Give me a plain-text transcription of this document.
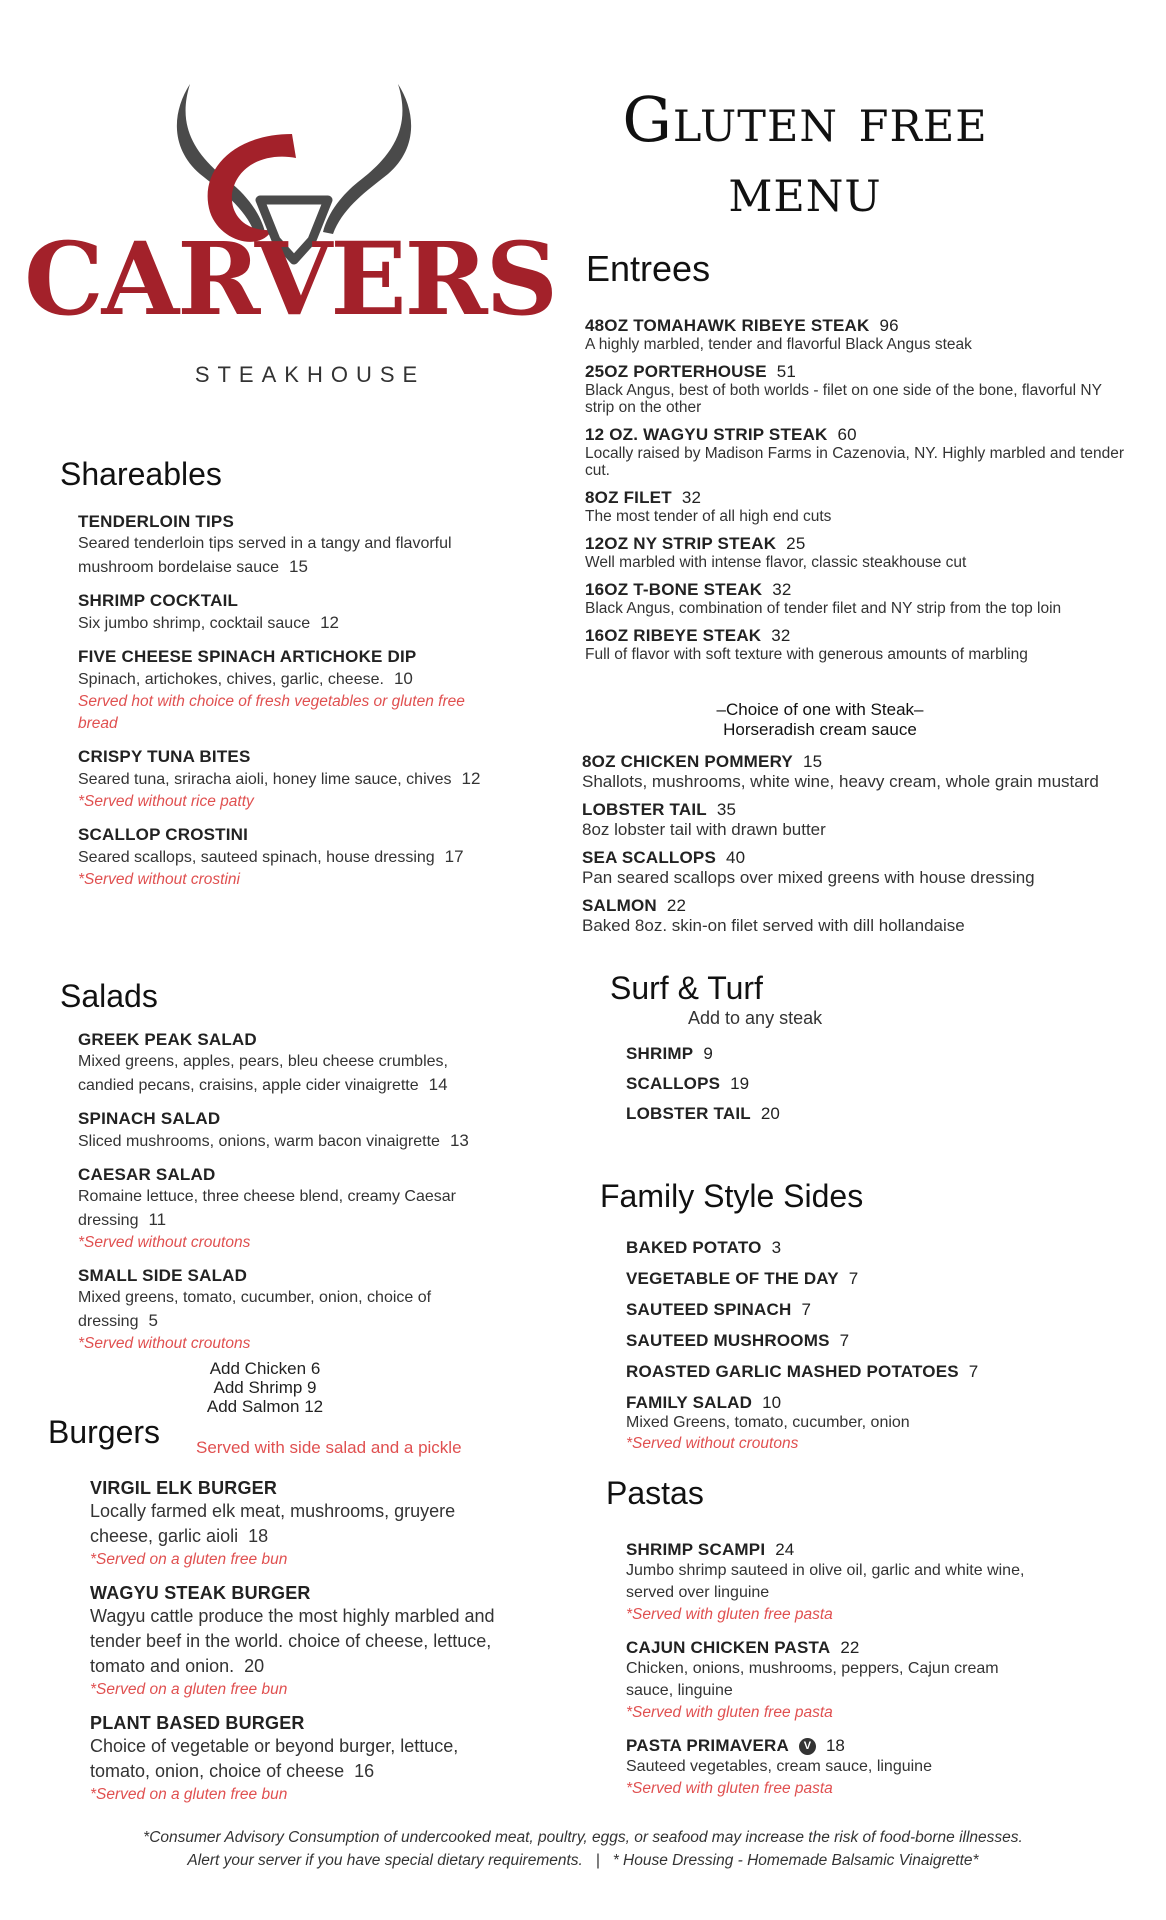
CARVERS
STEAKHOUSE
Gluten free
menu
Shareables
TENDERLOIN TIPS
Seared tenderloin tips served in a tangy and flavorful mushroom bordelaise sauce 15
SHRIMP COCKTAIL
Six jumbo shrimp, cocktail sauce 12
FIVE CHEESE SPINACH ARTICHOKE DIP
Spinach, artichokes, chives, garlic, cheese. 10
Served hot with choice of fresh vegetables or gluten free bread
CRISPY TUNA BITES
Seared tuna, sriracha aioli, honey lime sauce, chives 12
*Served without rice patty
SCALLOP CROSTINI
Seared scallops, sauteed spinach, house dressing 17
*Served without crostini
Salads
GREEK PEAK SALAD
Mixed greens, apples, pears, bleu cheese crumbles, candied pecans, craisins, apple cider vinaigrette 14
SPINACH SALAD
Sliced mushrooms, onions, warm bacon vinaigrette 13
CAESAR SALAD
Romaine lettuce, three cheese blend, creamy Caesar dressing 11
*Served without croutons
SMALL SIDE SALAD
Mixed greens, tomato, cucumber, onion, choice of dressing 5
*Served without croutons
Add Chicken 6
Add Shrimp 9
Add Salmon 12
Burgers Served with side salad and a pickle
VIRGIL ELK BURGER
Locally farmed elk meat, mushrooms, gruyere cheese, garlic aioli 18
*Served on a gluten free bun
WAGYU STEAK BURGER
Wagyu cattle produce the most highly marbled and tender beef in the world. choice of cheese, lettuce, tomato and onion. 20
*Served on a gluten free bun
PLANT BASED BURGER
Choice of vegetable or beyond burger, lettuce, tomato, onion, choice of cheese 16
*Served on a gluten free bun
Entrees
48OZ TOMAHAWK RIBEYE STEAK 96
A highly marbled, tender and flavorful Black Angus steak
25OZ PORTERHOUSE 51
Black Angus, best of both worlds - filet on one side of the bone, flavorful NY strip on the other
12 OZ. WAGYU STRIP STEAK 60
Locally raised by Madison Farms in Cazenovia, NY. Highly marbled and tender cut.
8OZ FILET 32
The most tender of all high end cuts
12OZ NY STRIP STEAK 25
Well marbled with intense flavor, classic steakhouse cut
16OZ T-BONE STEAK 32
Black Angus, combination of tender filet and NY strip from the top loin
16OZ RIBEYE STEAK 32
Full of flavor with soft texture with generous amounts of marbling
–Choice of one with Steak–
Horseradish cream sauce
8OZ CHICKEN POMMERY 15
Shallots, mushrooms, white wine, heavy cream, whole grain mustard
LOBSTER TAIL 35
8oz lobster tail with drawn butter
SEA SCALLOPS 40
Pan seared scallops over mixed greens with house dressing
SALMON 22
Baked 8oz. skin-on filet served with dill hollandaise
Surf & Turf
Add to any steak
SHRIMP 9
SCALLOPS 19
LOBSTER TAIL 20
Family Style Sides
BAKED POTATO 3
VEGETABLE OF THE DAY 7
SAUTEED SPINACH 7
SAUTEED MUSHROOMS 7
ROASTED GARLIC MASHED POTATOES 7
FAMILY SALAD 10
Mixed Greens, tomato, cucumber, onion
*Served without croutons
Pastas
SHRIMP SCAMPI 24
Jumbo shrimp sauteed in olive oil, garlic and white wine, served over linguine
*Served with gluten free pasta
CAJUN CHICKEN PASTA 22
Chicken, onions, mushrooms, peppers, Cajun cream sauce, linguine
*Served with gluten free pasta
PASTA PRIMAVERA V 18
Sauteed vegetables, cream sauce, linguine
*Served with gluten free pasta
*Consumer Advisory Consumption of undercooked meat, poultry, eggs, or seafood may increase the risk of food-borne illnesses.
Alert your server if you have special dietary requirements.   |   * House Dressing - Homemade Balsamic Vinaigrette*
